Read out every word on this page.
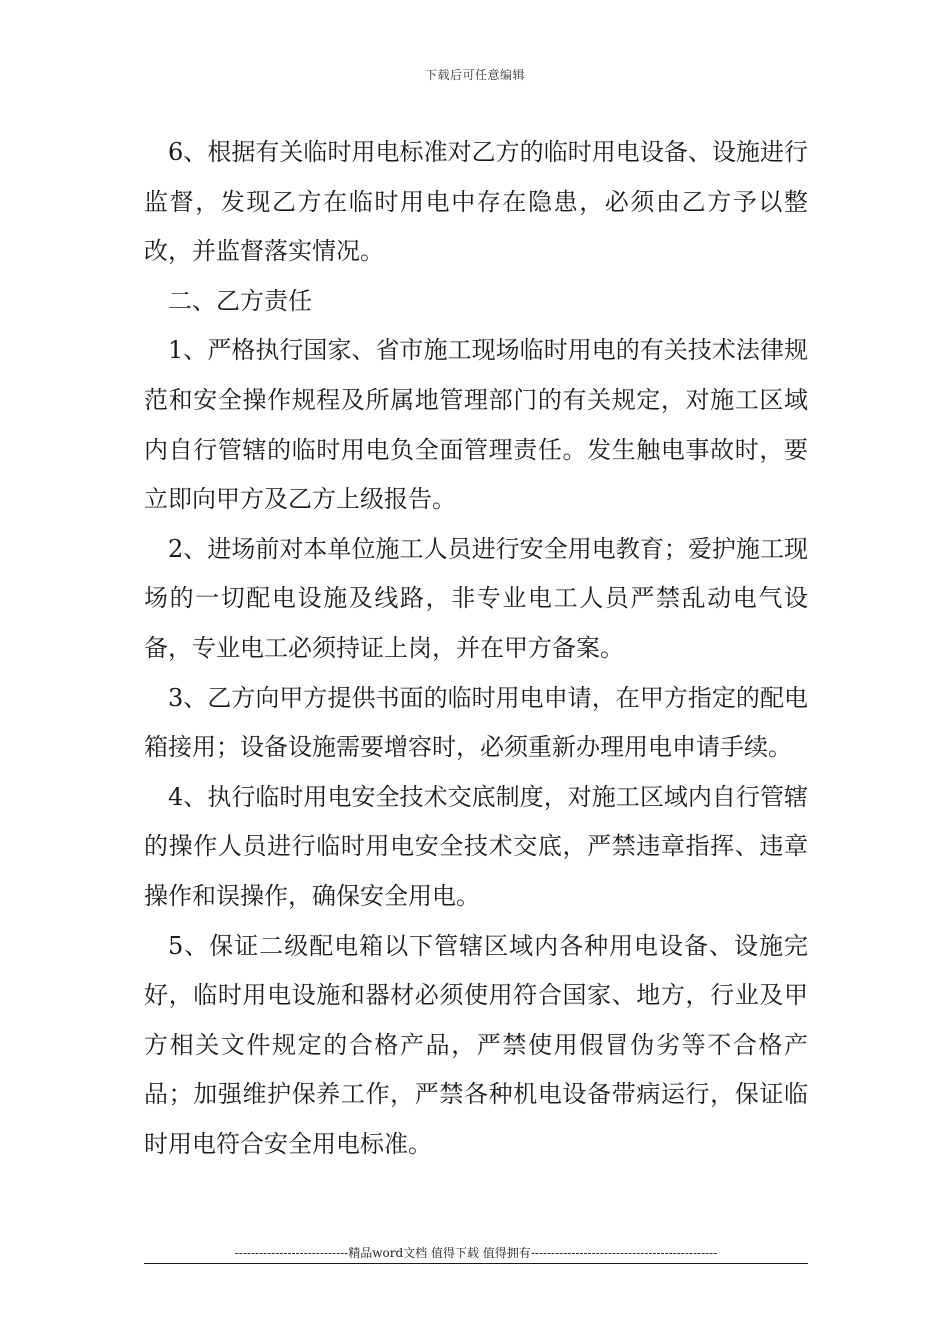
下载后可任意编辑

6、根据有关临时用电标准对乙方的临时用电设备、设施进行监督，发现乙方在临时用电中存在隐患，必须由乙方予以整改，并监督落实情况。

二、乙方责任

1、严格执行国家、省市施工现场临时用电的有关技术法律规范和安全操作规程及所属地管理部门的有关规定，对施工区域内自行管辖的临时用电负全面管理责任。发生触电事故时，要立即向甲方及乙方上级报告。

2、进场前对本单位施工人员进行安全用电教育；爱护施工现场的一切配电设施及线路，非专业电工人员严禁乱动电气设备，专业电工必须持证上岗，并在甲方备案。

3、乙方向甲方提供书面的临时用电申请，在甲方指定的配电箱接用；设备设施需要增容时，必须重新办理用电申请手续。

4、执行临时用电安全技术交底制度，对施工区域内自行管辖的操作人员进行临时用电安全技术交底，严禁违章指挥、违章操作和误操作，确保安全用电。

5、保证二级配电箱以下管辖区域内各种用电设备、设施完好，临时用电设施和器材必须使用符合国家、地方，行业及甲方相关文件规定的合格产品，严禁使用假冒伪劣等不合格产品；加强维护保养工作，严禁各种机电设备带病运行，保证临时用电符合安全用电标准。

----------------------------精品word文档 值得下载 值得拥有----------------------------------------------
